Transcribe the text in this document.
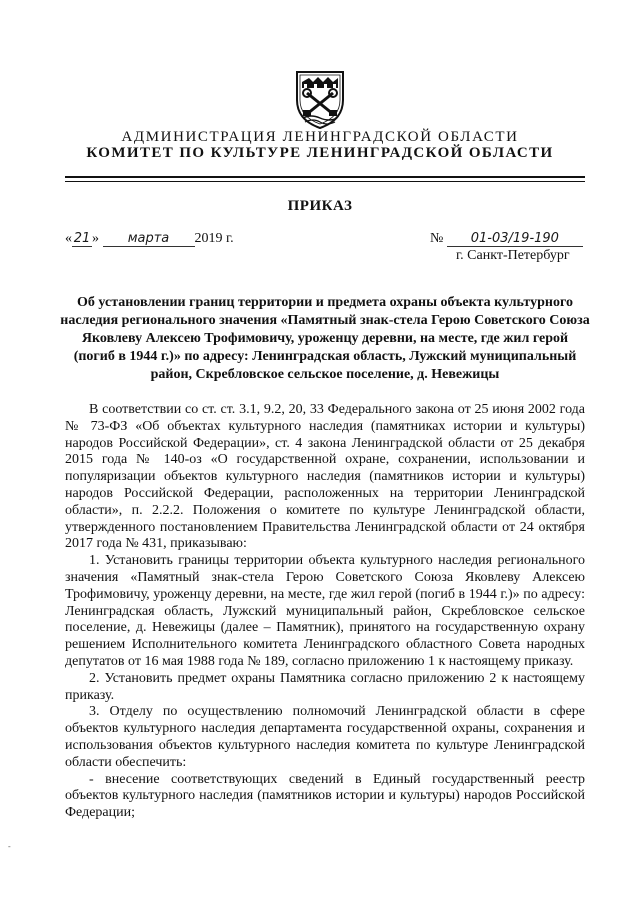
АДМИНИСТРАЦИЯ ЛЕНИНГРАДСКОЙ ОБЛАСТИ
КОМИТЕТ ПО КУЛЬТУРЕ ЛЕНИНГРАДСКОЙ ОБЛАСТИ
ПРИКАЗ
« 21 » марта 2019 г.	№ 01-03/19-190
г. Санкт-Петербург
Об установлении границ территории и предмета охраны объекта культурного наследия регионального значения «Памятный знак-стела Герою Советского Союза Яковлеву Алексею Трофимовичу, уроженцу деревни, на месте, где жил герой (погиб в 1944 г.)» по адресу: Ленинградская область, Лужский муниципальный район, Скребловское сельское поселение, д. Невежицы

В соответствии со ст. ст. 3.1, 9.2, 20, 33 Федерального закона от 25 июня 2002 года № 73-ФЗ «Об объектах культурного наследия (памятниках истории и культуры) народов Российской Федерации», ст. 4 закона Ленинградской области от 25 декабря 2015 года № 140-оз «О государственной охране, сохранении, использовании и популяризации объектов культурного наследия (памятников истории и культуры) народов Российской Федерации, расположенных на территории Ленинградской области», п. 2.2.2. Положения о комитете по культуре Ленинградской области, утвержденного постановлением Правительства Ленинградской области от 24 октября 2017 года № 431, приказываю:

1. Установить границы территории объекта культурного наследия регионального значения «Памятный знак-стела Герою Советского Союза Яковлеву Алексею Трофимовичу, уроженцу деревни, на месте, где жил герой (погиб в 1944 г.)» по адресу: Ленинградская область, Лужский муниципальный район, Скребловское сельское поселение, д. Невежицы (далее – Памятник), принятого на государственную охрану решением Исполнительного комитета Ленинградского областного Совета народных депутатов от 16 мая 1988 года № 189, согласно приложению 1 к настоящему приказу.

2. Установить предмет охраны Памятника согласно приложению 2 к настоящему приказу.

3. Отделу по осуществлению полномочий Ленинградской области в сфере объектов культурного наследия департамента государственной охраны, сохранения и использования объектов культурного наследия комитета по культуре Ленинградской области обеспечить:

- внесение соответствующих сведений в Единый государственный реестр объектов культурного наследия (памятников истории и культуры) народов Российской Федерации;

-
